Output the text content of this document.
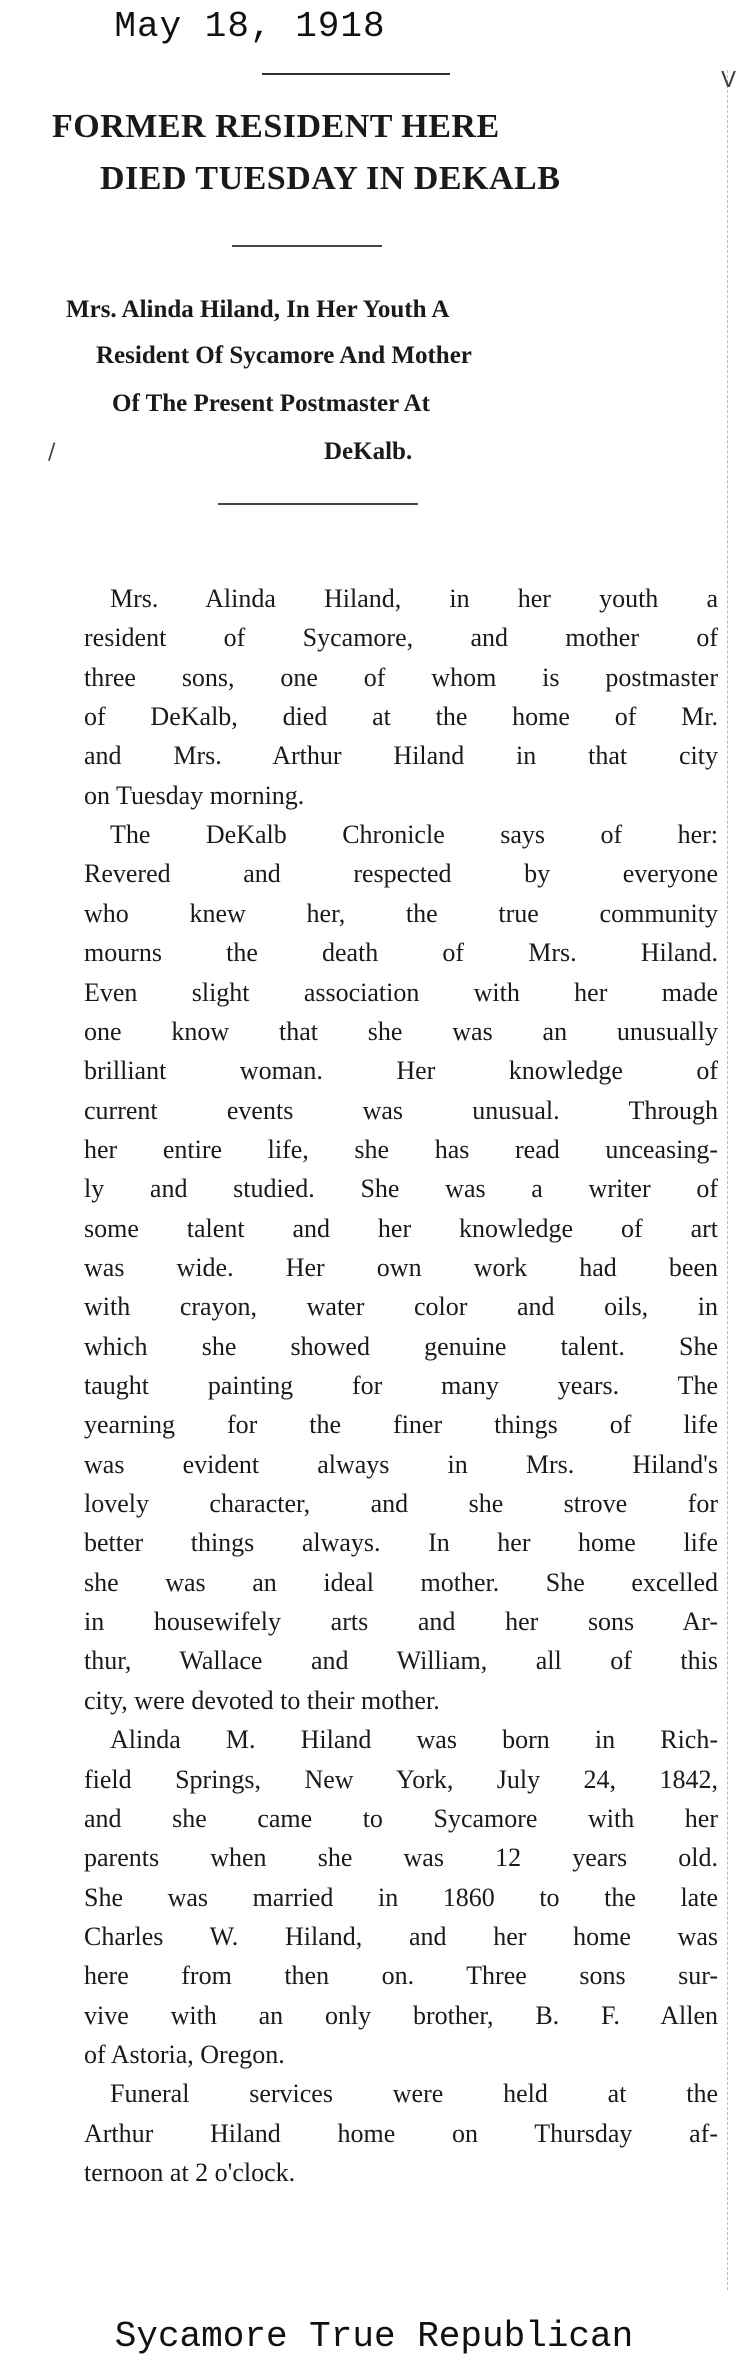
May 18, 1918
FORMER RESIDENT HERE
DIED TUESDAY IN DEKALB
Mrs. Alinda Hiland, In Her Youth A
Resident Of Sycamore And Mother
Of The Present Postmaster At
DeKalb.
ᐯ
/
Mrs. Alinda Hiland, in her youth a
resident of Sycamore, and mother of
three sons, one of whom is postmaster
of DeKalb, died at the home of Mr.
and Mrs. Arthur Hiland in that city
on Tuesday morning.
The DeKalb Chronicle says of her:
Revered and respected by everyone
who knew her, the true community
mourns the death of Mrs. Hiland.
Even slight association with her made
one know that she was an unusually
brilliant woman. Her knowledge of
current events was unusual. Through
her entire life, she has read unceasing-
ly and studied. She was a writer of
some talent and her knowledge of art
was wide. Her own work had been
with crayon, water color and oils, in
which she showed genuine talent. She
taught painting for many years. The
yearning for the finer things of life
was evident always in Mrs. Hiland's
lovely character, and she strove for
better things always. In her home life
she was an ideal mother. She excelled
in housewifely arts and her sons Ar-
thur, Wallace and William, all of this
city, were devoted to their mother.
Alinda M. Hiland was born in Rich-
field Springs, New York, July 24, 1842,
and she came to Sycamore with her
parents when she was 12 years old.
She was married in 1860 to the late
Charles W. Hiland, and her home was
here from then on. Three sons sur-
vive with an only brother, B. F. Allen
of Astoria, Oregon.
Funeral services were held at the
Arthur Hiland home on Thursday af-
ternoon at 2 o'clock.
Sycamore True Republican
